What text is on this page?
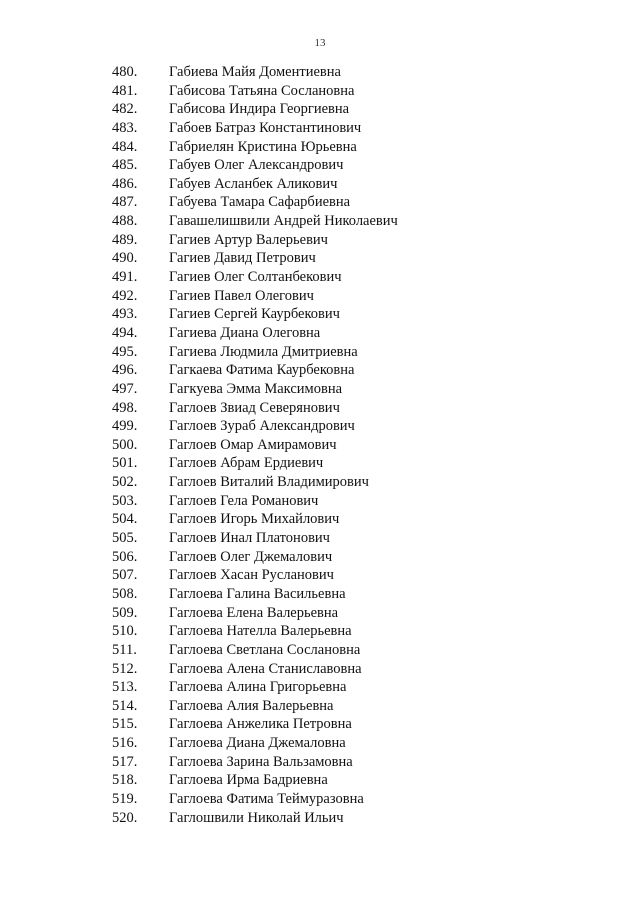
13
480.	Габиева Майя Доментиевна
481.	Габисова Татьяна Сослановна
482.	Габисова Индира Георгиевна
483.	Габоев Батраз Константинович
484.	Габриелян Кристина Юрьевна
485.	Габуев Олег Александрович
486.	Габуев Асланбек Аликович
487.	Габуева Тамара Сафарбиевна
488.	Гавашелишвили Андрей Николаевич
489.	Гагиев Артур Валерьевич
490.	Гагиев Давид Петрович
491.	Гагиев Олег Солтанбекович
492.	Гагиев Павел Олегович
493.	Гагиев Сергей Каурбекович
494.	Гагиева Диана Олеговна
495.	Гагиева Людмила Дмитриевна
496.	Гагкаева Фатима Каурбековна
497.	Гагкуева Эмма Максимовна
498.	Гаглоев Звиад Северянович
499.	Гаглоев Зураб Александрович
500.	Гаглоев Омар Амирамович
501.	Гаглоев Абрам Ердиевич
502.	Гаглоев Виталий Владимирович
503.	Гаглоев Гела Романович
504.	Гаглоев Игорь Михайлович
505.	Гаглоев Инал Платонович
506.	Гаглоев Олег Джемалович
507.	Гаглоев Хасан Русланович
508.	Гаглоева Галина Васильевна
509.	Гаглоева Елена Валерьевна
510.	Гаглоева Нателла Валерьевна
511.	Гаглоева Светлана Сослановна
512.	Гаглоева Алена Станиславовна
513.	Гаглоева Алина Григорьевна
514.	Гаглоева Алия Валерьевна
515.	Гаглоева Анжелика Петровна
516.	Гаглоева Диана Джемаловна
517.	Гаглоева Зарина Вальзамовна
518.	Гаглоева Ирма Бадриевна
519.	Гаглоева Фатима Теймуразовна
520.	Гаглошвили Николай Ильич
